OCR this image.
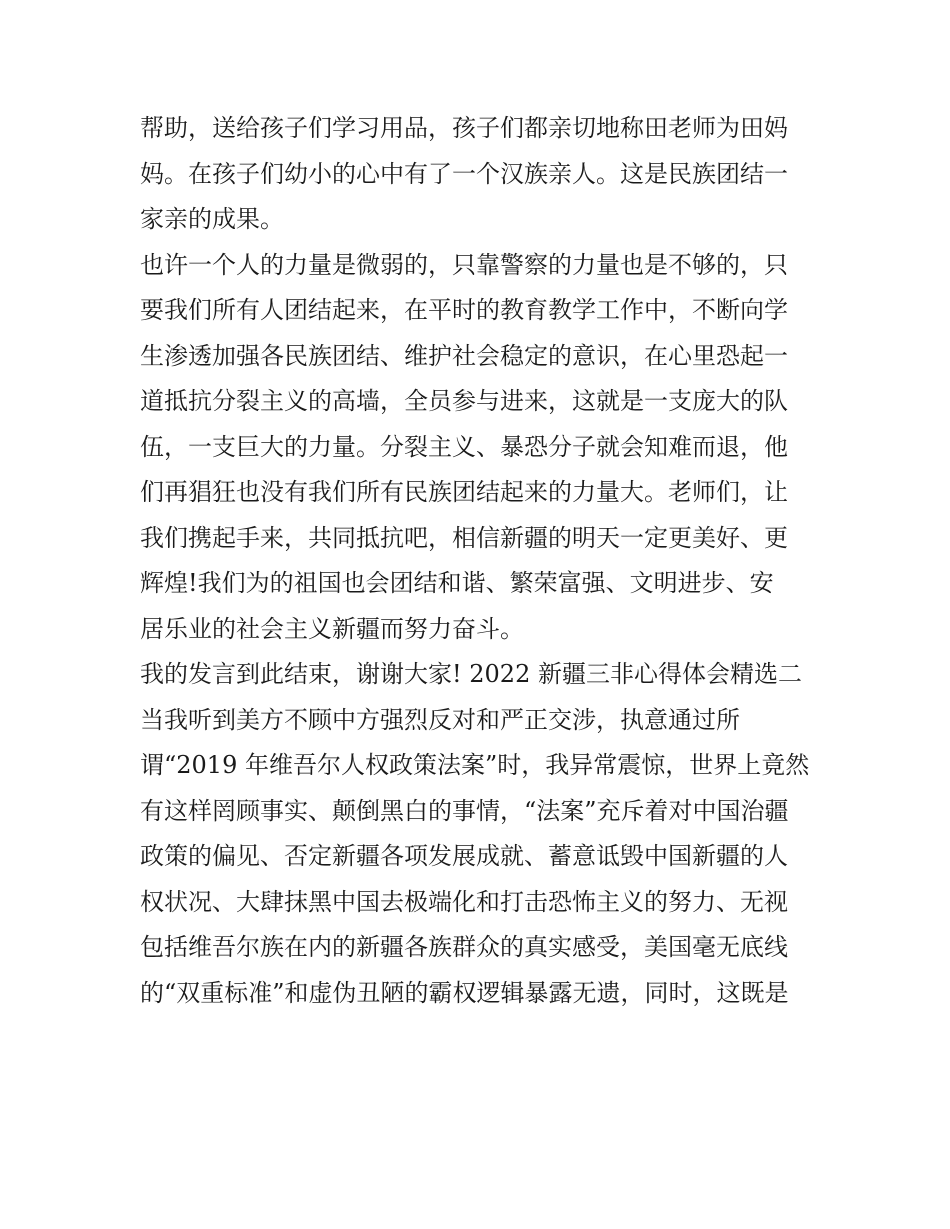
帮助，送给孩子们学习用品，孩子们都亲切地称田老师为田妈
妈。在孩子们幼小的心中有了一个汉族亲人。这是民族团结一
家亲的成果。
也许一个人的力量是微弱的，只靠警察的力量也是不够的，只
要我们所有人团结起来，在平时的教育教学工作中，不断向学
生渗透加强各民族团结、维护社会稳定的意识，在心里恐起一
道抵抗分裂主义的高墙，全员参与进来，这就是一支庞大的队
伍，一支巨大的力量。分裂主义、暴恐分子就会知难而退，他
们再猖狂也没有我们所有民族团结起来的力量大。老师们，让
我们携起手来，共同抵抗吧，相信新疆的明天一定更美好、更
辉煌!我们为的祖国也会团结和谐、繁荣富强、文明进步、安
居乐业的社会主义新疆而努力奋斗。
我的发言到此结束，谢谢大家! 2022 新疆三非心得体会精选二
当我听到美方不顾中方强烈反对和严正交涉，执意通过所
谓“2019 年维吾尔人权政策法案”时，我异常震惊，世界上竟然
有这样罔顾事实、颠倒黑白的事情，“法案”充斥着对中国治疆
政策的偏见、否定新疆各项发展成就、蓄意诋毁中国新疆的人
权状况、大肆抹黑中国去极端化和打击恐怖主义的努力、无视
包括维吾尔族在内的新疆各族群众的真实感受，美国毫无底线
的“双重标准”和虚伪丑陋的霸权逻辑暴露无遗，同时，这既是
